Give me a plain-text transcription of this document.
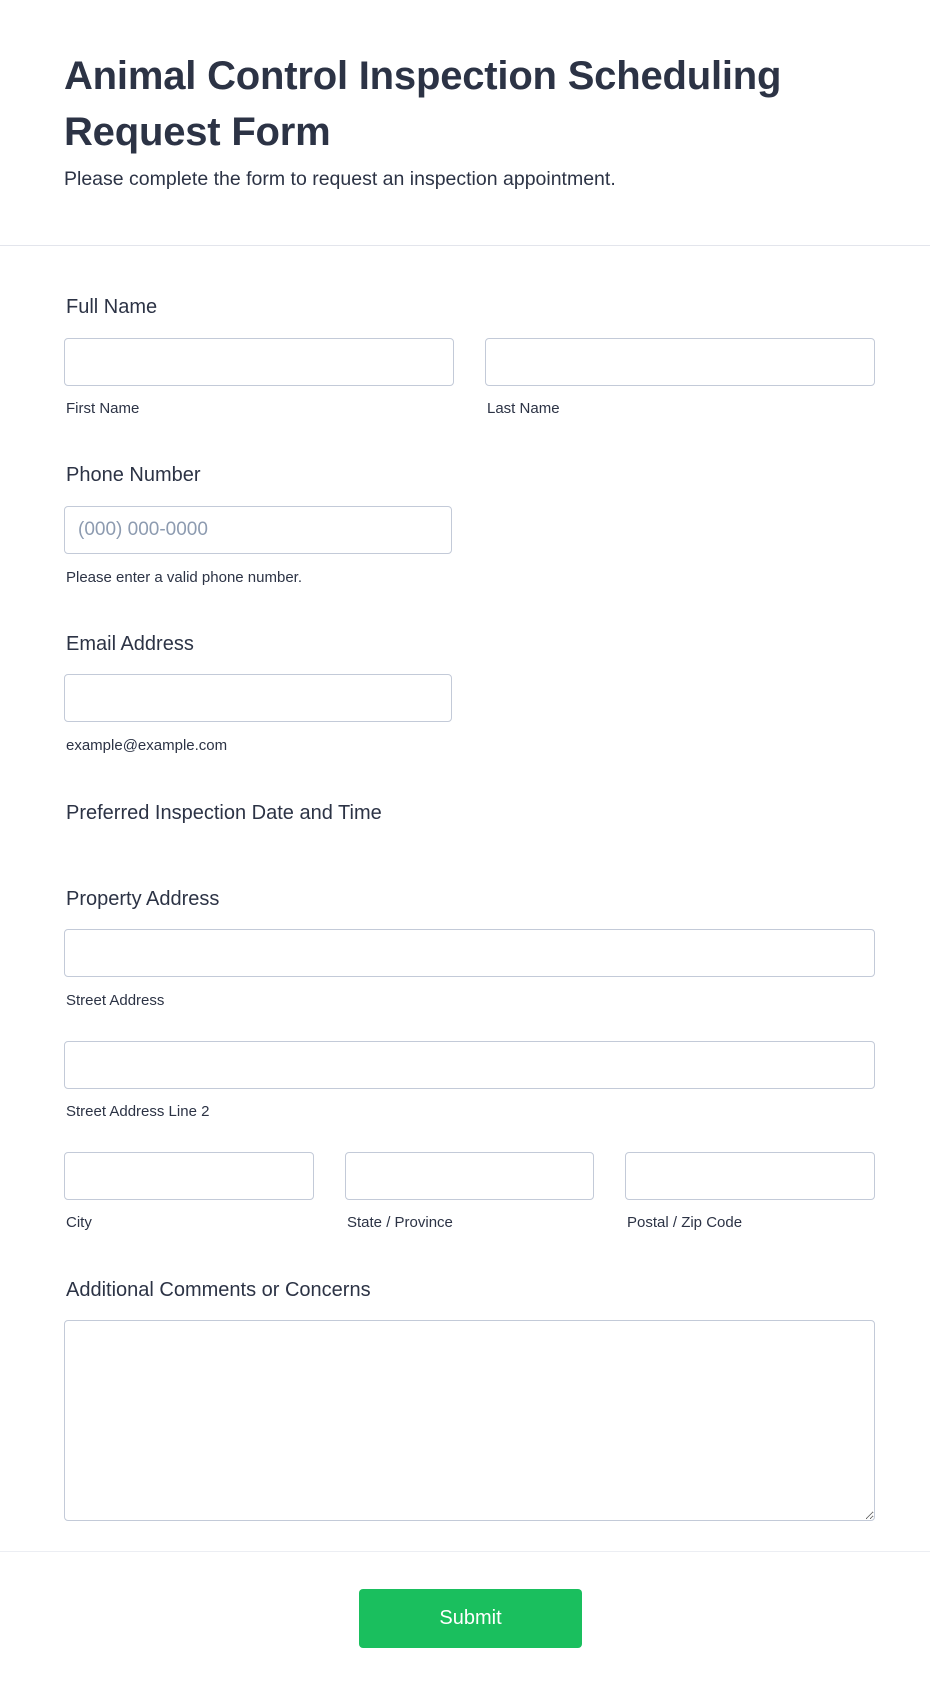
Animal Control Inspection Scheduling Request Form
Please complete the form to request an inspection appointment.
Full Name
First Name	Last Name
Phone Number
(000) 000-0000
Please enter a valid phone number.
Email Address
example@example.com
Preferred Inspection Date and Time
Property Address
Street Address
Street Address Line 2
City	State / Province	Postal / Zip Code
Additional Comments or Concerns
Submit
